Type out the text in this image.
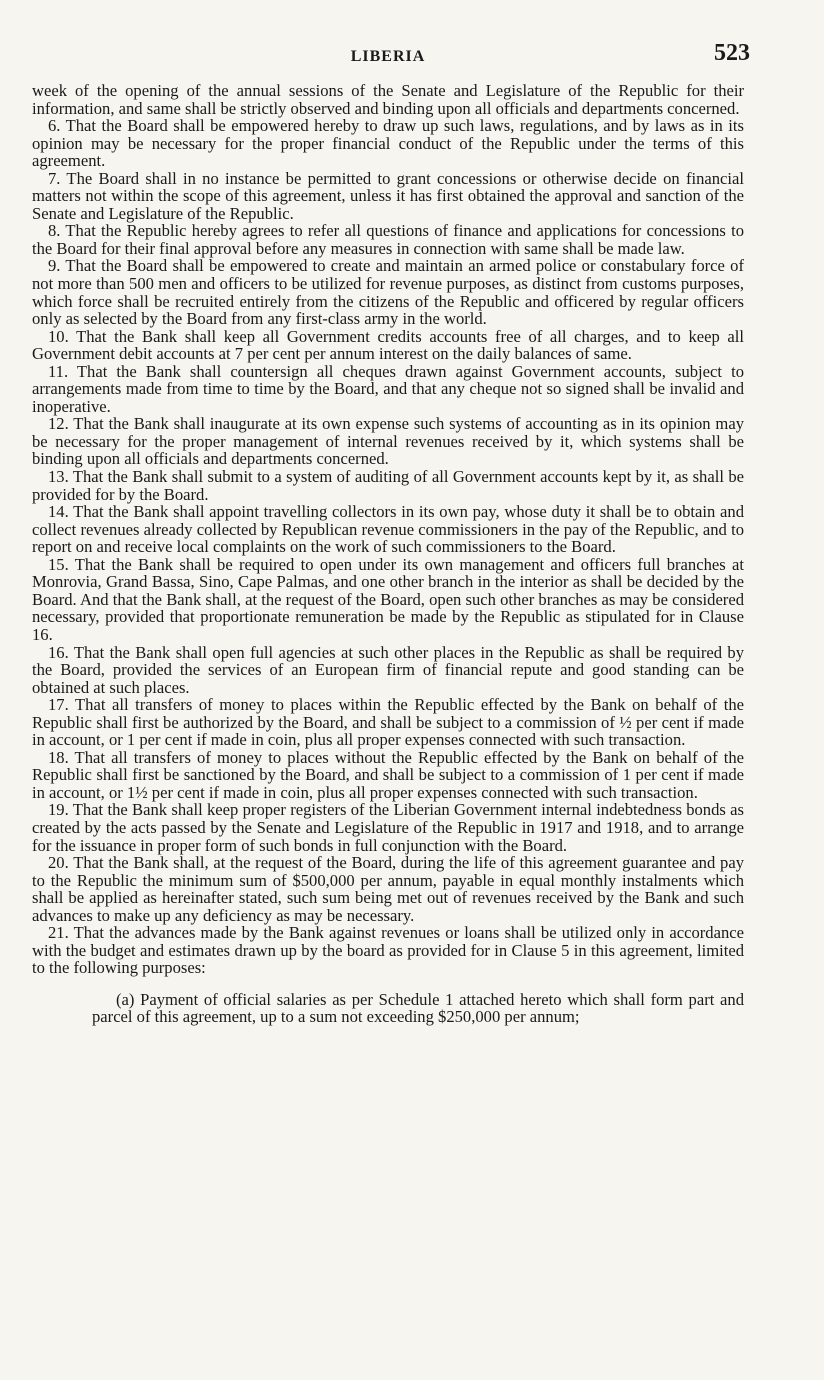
LIBERIA	523

week of the opening of the annual sessions of the Senate and Legislature of the Republic for their information, and same shall be strictly observed and binding upon all officials and departments concerned.

6. That the Board shall be empowered hereby to draw up such laws, regulations, and by laws as in its opinion may be necessary for the proper financial conduct of the Republic under the terms of this agreement.

7. The Board shall in no instance be permitted to grant concessions or otherwise decide on financial matters not within the scope of this agreement, unless it has first obtained the approval and sanction of the Senate and Legislature of the Republic.

8. That the Republic hereby agrees to refer all questions of finance and applications for concessions to the Board for their final approval before any measures in connection with same shall be made law.

9. That the Board shall be empowered to create and maintain an armed police or constabulary force of not more than 500 men and officers to be utilized for revenue purposes, as distinct from customs purposes, which force shall be recruited entirely from the citizens of the Republic and officered by regular officers only as selected by the Board from any first-class army in the world.

10. That the Bank shall keep all Government credits accounts free of all charges, and to keep all Government debit accounts at 7 per cent per annum interest on the daily balances of same.

11. That the Bank shall countersign all cheques drawn against Government accounts, subject to arrangements made from time to time by the Board, and that any cheque not so signed shall be invalid and inoperative.

12. That the Bank shall inaugurate at its own expense such systems of accounting as in its opinion may be necessary for the proper management of internal revenues received by it, which systems shall be binding upon all officials and departments concerned.

13. That the Bank shall submit to a system of auditing of all Government accounts kept by it, as shall be provided for by the Board.

14. That the Bank shall appoint travelling collectors in its own pay, whose duty it shall be to obtain and collect revenues already collected by Republican revenue commissioners in the pay of the Republic, and to report on and receive local complaints on the work of such commissioners to the Board.

15. That the Bank shall be required to open under its own management and officers full branches at Monrovia, Grand Bassa, Sino, Cape Palmas, and one other branch in the interior as shall be decided by the Board. And that the Bank shall, at the request of the Board, open such other branches as may be considered necessary, provided that proportionate remuneration be made by the Republic as stipulated for in Clause 16.

16. That the Bank shall open full agencies at such other places in the Republic as shall be required by the Board, provided the services of an European firm of financial repute and good standing can be obtained at such places.

17. That all transfers of money to places within the Republic effected by the Bank on behalf of the Republic shall first be authorized by the Board, and shall be subject to a commission of ½ per cent if made in account, or 1 per cent if made in coin, plus all proper expenses connected with such transaction.

18. That all transfers of money to places without the Republic effected by the Bank on behalf of the Republic shall first be sanctioned by the Board, and shall be subject to a commission of 1 per cent if made in account, or 1½ per cent if made in coin, plus all proper expenses connected with such transaction.

19. That the Bank shall keep proper registers of the Liberian Government internal indebtedness bonds as created by the acts passed by the Senate and Legislature of the Republic in 1917 and 1918, and to arrange for the issuance in proper form of such bonds in full conjunction with the Board.

20. That the Bank shall, at the request of the Board, during the life of this agreement guarantee and pay to the Republic the minimum sum of $500,000 per annum, payable in equal monthly instalments which shall be applied as hereinafter stated, such sum being met out of revenues received by the Bank and such advances to make up any deficiency as may be necessary.

21. That the advances made by the Bank against revenues or loans shall be utilized only in accordance with the budget and estimates drawn up by the board as provided for in Clause 5 in this agreement, limited to the following purposes:

(a) Payment of official salaries as per Schedule 1 attached hereto which shall form part and parcel of this agreement, up to a sum not exceeding $250,000 per annum;
